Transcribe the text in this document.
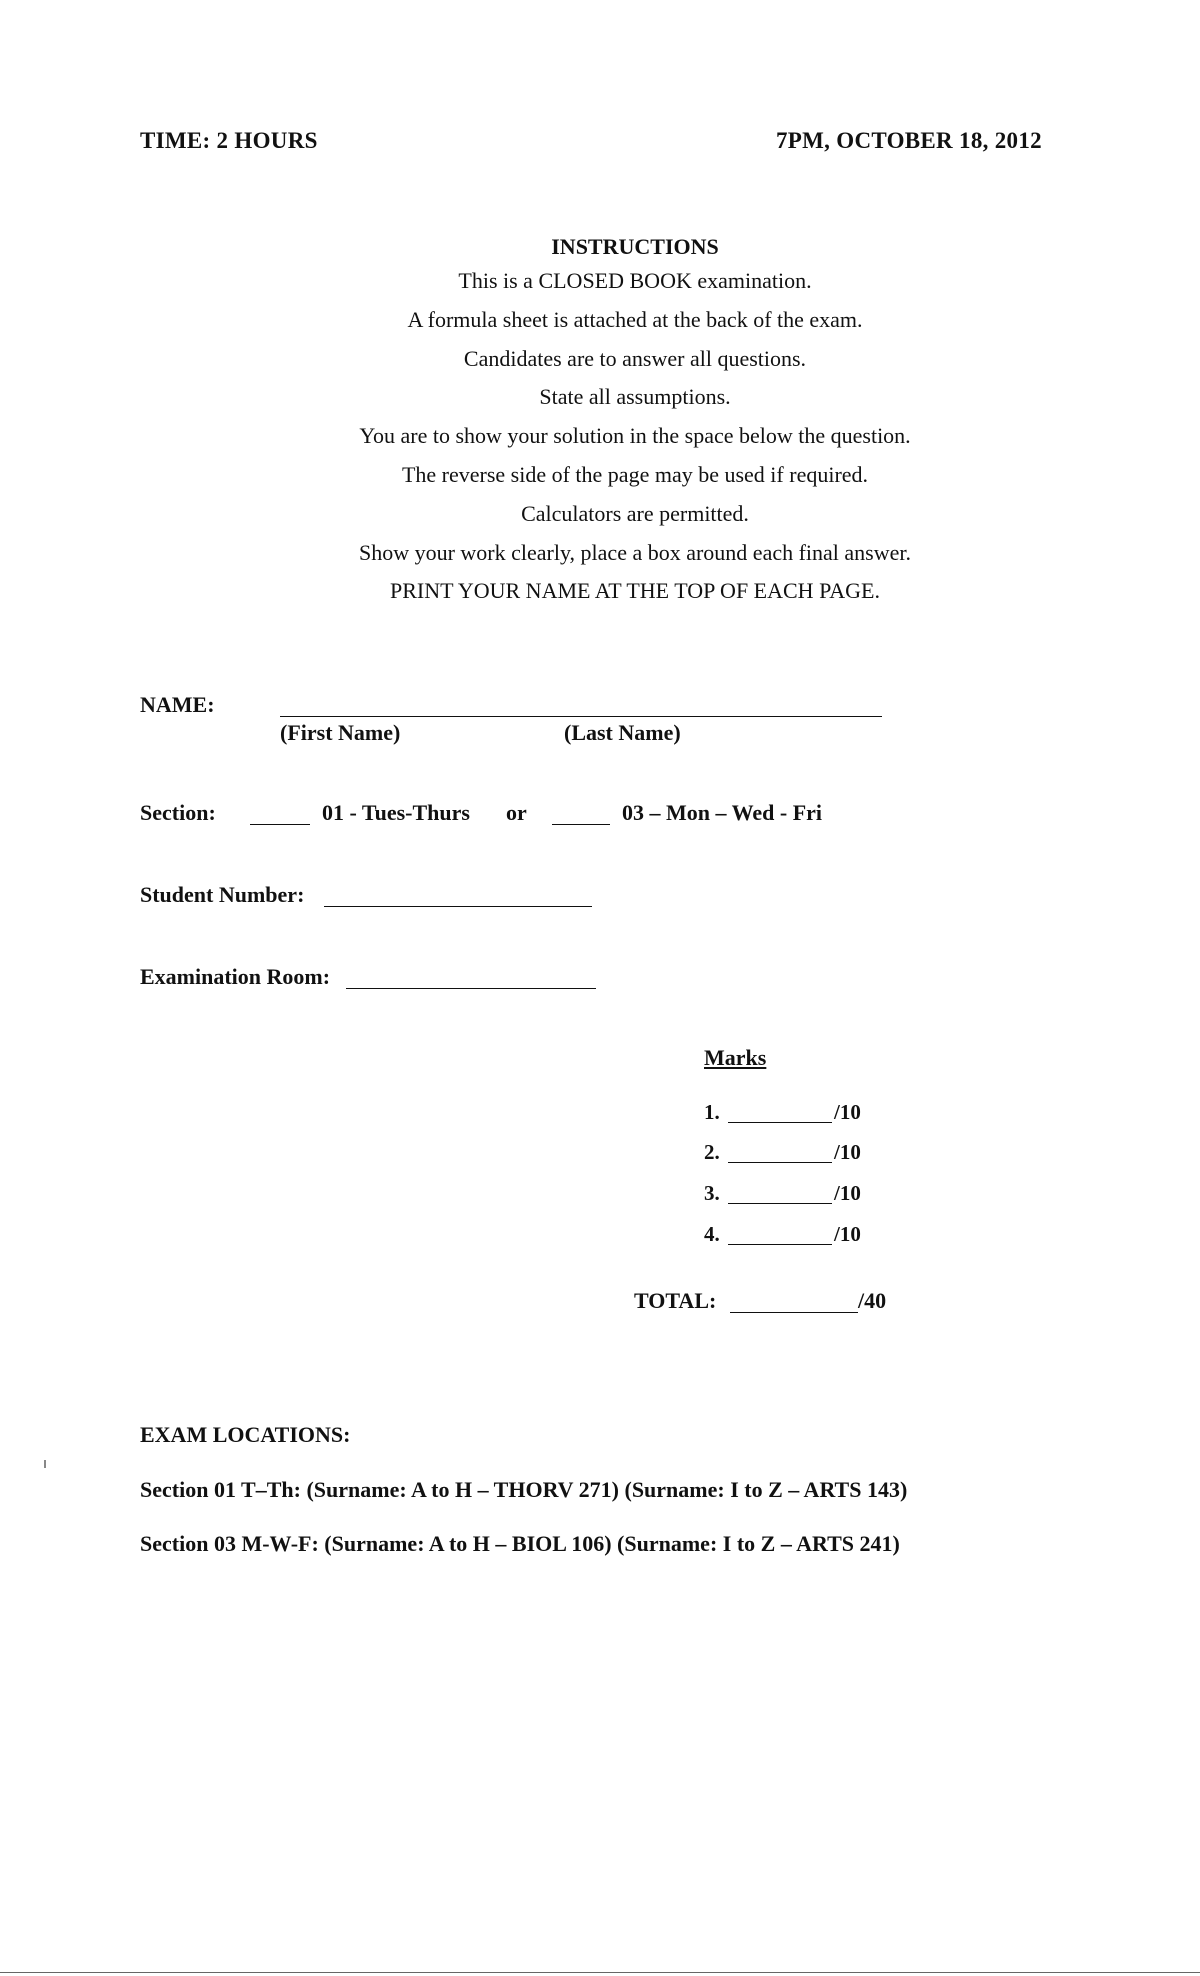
TIME: 2 HOURS	7PM, OCTOBER 18, 2012
INSTRUCTIONS
This is a CLOSED BOOK examination.
A formula sheet is attached at the back of the exam.
Candidates are to answer all questions.
State all assumptions.
You are to show your solution in the space below the question.
The reverse side of the page may be used if required.
Calculators are permitted.
Show your work clearly, place a box around each final answer.
PRINT YOUR NAME AT THE TOP OF EACH PAGE.
NAME:
(First Name)	(Last Name)
Section:	01 - Tues-Thurs or	03 – Mon – Wed - Fri
Student Number:
Examination Room:
Marks
1.	/10
2.	/10
3.	/10
4.	/10
TOTAL:	/40
EXAM LOCATIONS:
Section 01 T–Th: (Surname: A to H – THORV 271) (Surname: I to Z – ARTS 143)
Section 03 M-W-F: (Surname: A to H – BIOL 106) (Surname: I to Z – ARTS 241)
